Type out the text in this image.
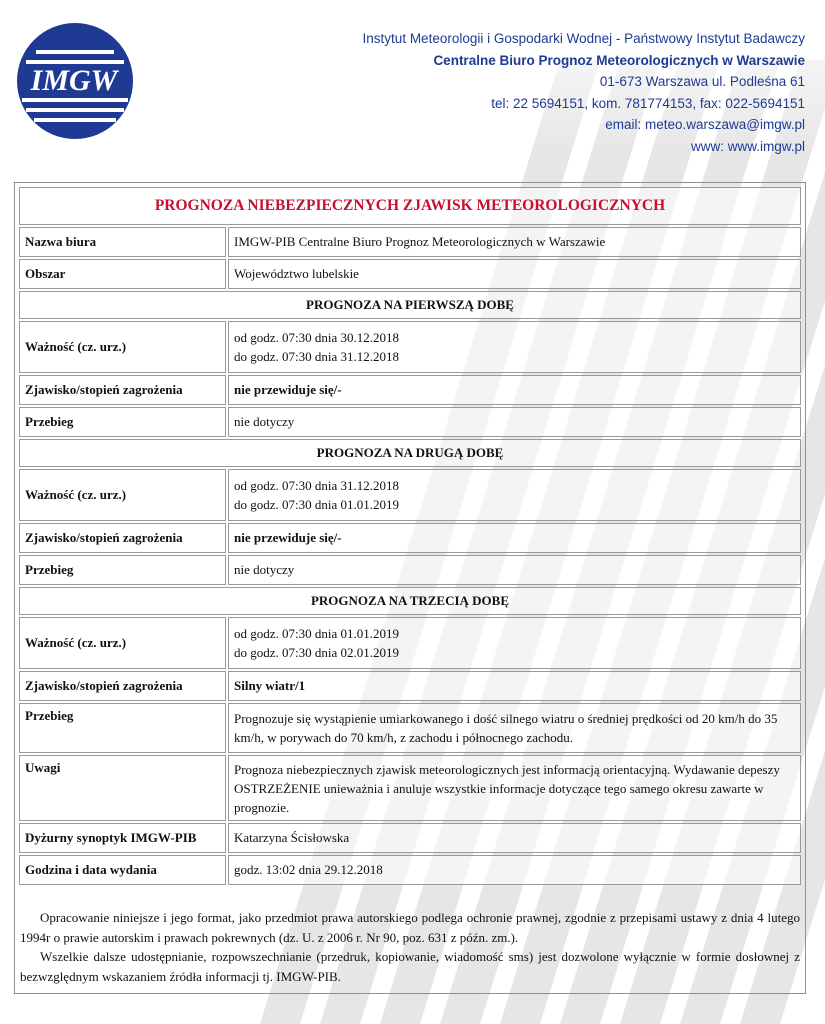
IMGW
Instytut Meteorologii i Gospodarki Wodnej - Państwowy Instytut Badawczy
Centralne Biuro Prognoz Meteorologicznych w Warszawie
01-673 Warszawa ul. Podleśna 61
tel: 22 5694151, kom. 781774153, fax: 022-5694151
email: meteo.warszawa@imgw.pl
www: www.imgw.pl
PROGNOZA NIEBEZPIECZNYCH ZJAWISK METEOROLOGICZNYCH	
Nazwa biura	IMGW-PIB Centralne Biuro Prognoz Meteorologicznych w Warszawie
Obszar	Województwo lubelskie
PROGNOZA NA PIERWSZĄ DOBĘ	
Ważność (cz. urz.)	od godz. 07:30 dnia 30.12.2018
do godz. 07:30 dnia 31.12.2018

Zjawisko/stopień zagrożenia	nie przewiduje się/-
Przebieg	nie dotyczy
PROGNOZA NA DRUGĄ DOBĘ	
Ważność (cz. urz.)	od godz. 07:30 dnia 31.12.2018
do godz. 07:30 dnia 01.01.2019

Zjawisko/stopień zagrożenia	nie przewiduje się/-
Przebieg	nie dotyczy
PROGNOZA NA TRZECIĄ DOBĘ	
Ważność (cz. urz.)	od godz. 07:30 dnia 01.01.2019
do godz. 07:30 dnia 02.01.2019

Zjawisko/stopień zagrożenia	Silny wiatr/1
Przebieg	Prognozuje się wystąpienie umiarkowanego i dość silnego wiatru o średniej prędkości od 20 km/h do 35 km/h, w porywach do 70 km/h, z zachodu i północnego zachodu.
Uwagi	Prognoza niebezpiecznych zjawisk meteorologicznych jest informacją orientacyjną. Wydawanie depeszy OSTRZEŻENIE unieważnia i anuluje wszystkie informacje dotyczące tego samego okresu zawarte w prognozie.
Dyżurny synoptyk IMGW-PIB	Katarzyna Ścisłowska
Godzina i data wydania	godz. 13:02 dnia 29.12.2018

Opracowanie niniejsze i jego format, jako przedmiot prawa autorskiego podlega ochronie prawnej, zgodnie z przepisami ustawy z dnia 4 lutego 1994r o prawie autorskim i prawach pokrewnych (dz. U. z 2006 r. Nr 90, poz. 631 z późn. zm.).

Wszelkie dalsze udostępnianie, rozpowszechnianie (przedruk, kopiowanie, wiadomość sms) jest dozwolone wyłącznie w formie dosłownej z bezwzględnym wskazaniem źródła informacji tj. IMGW-PIB.
